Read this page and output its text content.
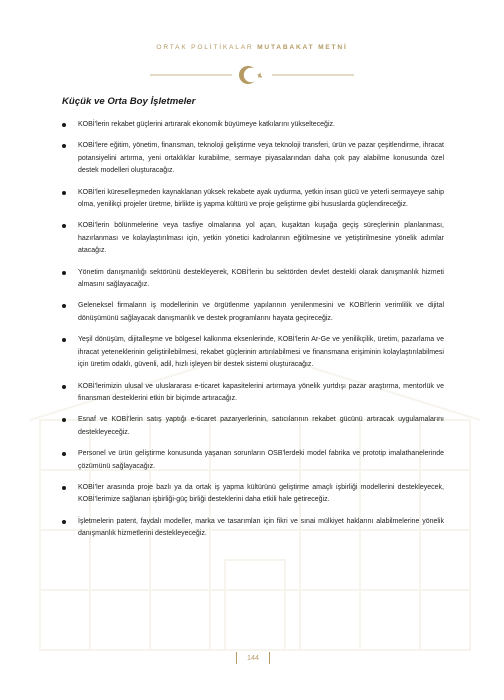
ORTAK POLİTİKALAR MUTABAKAT METNİ
Küçük ve Orta Boy İşletmeler
KOBİ'lerin rekabet güçlerini artırarak ekonomik büyümeye katkılarını yükselteceğiz.
KOBİ'lere eğitim, yönetim, finansman, teknoloji geliştirme veya teknoloji transferi, ürün ve pazar çeşitlendirme, ihracat potansiyelini artırma, yeni ortaklıklar kurabilme, sermaye piyasalarından daha çok pay alabilme konusunda özel destek modelleri oluşturacağız.
KOBİ'leri küreselleşmeden kaynaklanan yüksek rekabete ayak uydurma, yetkin insan gücü ve yeterli sermayeye sahip olma, yenilikçi projeler üretme, birlikte iş yapma kültürü ve proje geliştirme gibi hususlarda güçlendireceğiz.
KOBİ'lerin bölünmelerine veya tasfiye olmalarına yol açan, kuşaktan kuşağa geçiş süreçlerinin planlanması, hazırlanması ve kolaylaştırılması için, yetkin yönetici kadrolarının eğitilmesine ve yetiştirilmesine yönelik adımlar atacağız.
Yönetim danışmanlığı sektörünü destekleyerek, KOBİ'lerin bu sektörden devlet destekli olarak danışmanlık hizmeti almasını sağlayacağız.
Geleneksel firmaların iş modellerinin ve örgütlenme yapılarının yenilenmesini ve KOBİ'lerin verimlilik ve dijital dönüşümünü sağlayacak danışmanlık ve destek programlarını hayata geçireceğiz.
Yeşil dönüşüm, dijitalleşme ve bölgesel kalkınma eksenlerinde, KOBİ'lerin Ar-Ge ve yenilikçilik, üretim, pazarlama ve ihracat yeteneklerinin geliştirilebilmesi, rekabet güçlerinin artırılabilmesi ve finansmana erişiminin kolaylaştırılabilmesi için üretim odaklı, güvenli, adil, hızlı işleyen bir destek sistemi oluşturacağız.
KOBİ'lerimizin ulusal ve uluslararası e-ticaret kapasitelerini artırmaya yönelik yurtdışı pazar araştırma, mentorlük ve finansman desteklerini etkin bir biçimde artıracağız.
Esnaf ve KOBİ'lerin satış yaptığı e-ticaret pazaryerlerinin, satıcılarının rekabet gücünü artıracak uygulamalarını destekleyeceğiz.
Personel ve ürün geliştirme konusunda yaşanan sorunların OSB'lerdeki model fabrika ve prototip imalathanelerinde çözümünü sağlayacağız.
KOBİ'ler arasında proje bazlı ya da ortak iş yapma kültürünü geliştirme amaçlı işbirliği modellerini destekleyecek, KOBİ'lerimize sağlanan işbirliği-güç birliği desteklerini daha etkili hale getireceğiz.
İşletmelerin patent, faydalı modeller, marka ve tasarımları için fikri ve sınai mülkiyet haklarını alabilmelerine yönelik danışmanlık hizmetlerini destekleyeceğiz.
144
